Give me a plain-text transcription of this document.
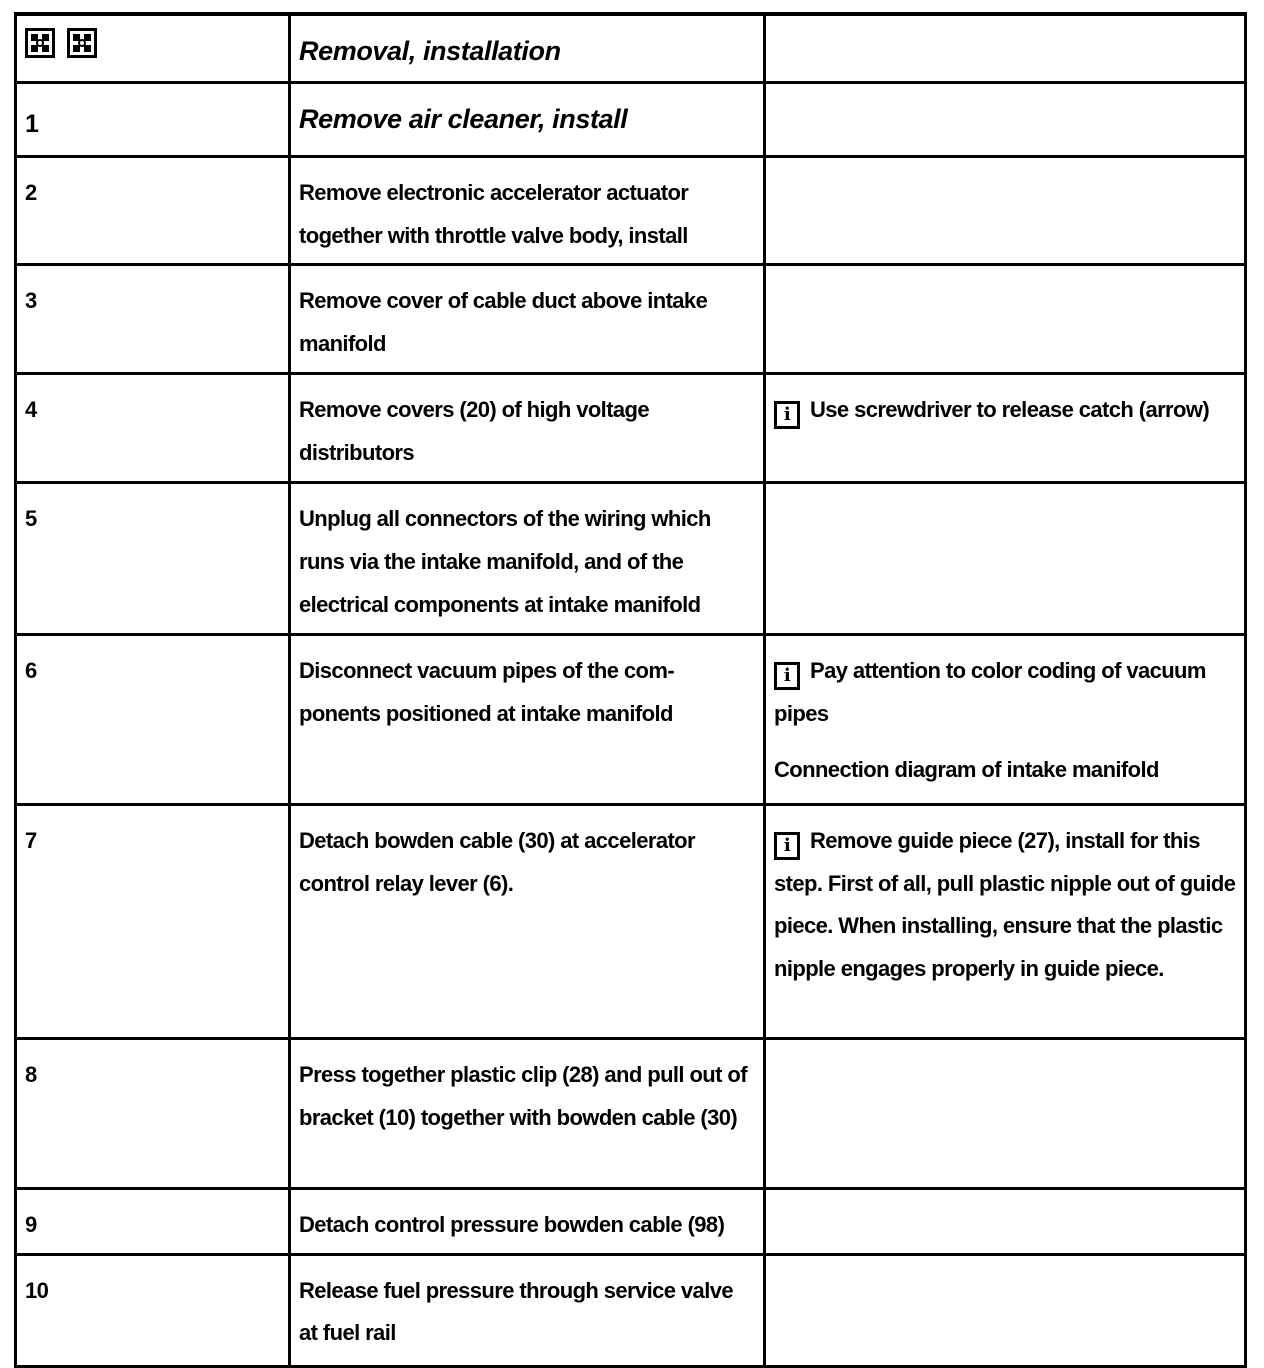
	Removal, installation	
1	Remove air cleaner, install	
2	Remove electronic accelerator actuator together with throttle valve body, install	
3	Remove cover of cable duct above intake manifold	
4	Remove covers (20) of high voltage distributors	i Use screwdriver to release catch (arrow)
5	Unplug all connectors of the wiring which runs via the intake manifold, and of the electrical components at intake manifold	
6	Disconnect vacuum pipes of the com-ponents positioned at intake manifold	i Pay attention to color coding of vacuum pipes
Connection diagram of intake manifold

7	Detach bowden cable (30) at accelerator control relay lever (6).	i Remove guide piece (27), install for this step. First of all, pull plastic nipple out of guide piece. When installing, ensure that the plastic nipple engages properly in guide piece.
8	Press together plastic clip (28) and pull out of bracket (10) together with bowden cable (30)	
9	Detach control pressure bowden cable (98)	
10	Release fuel pressure through service valve at fuel rail	
